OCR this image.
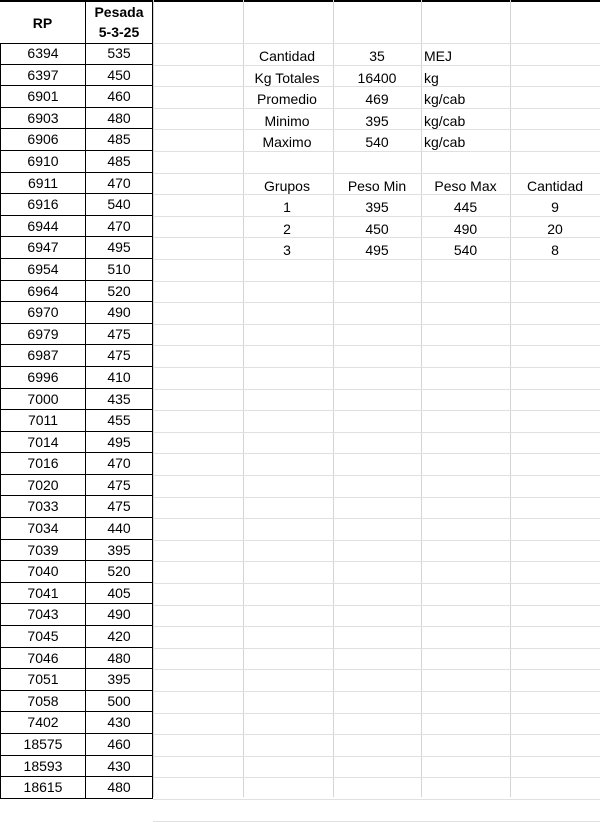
RP
Pesada
5-3-25
6394	535
6397	450
6901	460
6903	480
6906	485
6910	485
6911	470
6916	540
6944	470
6947	495
6954	510
6964	520
6970	490
6979	475
6987	475
6996	410
7000	435
7011	455
7014	495
7016	470
7020	475
7033	475
7034	440
7039	395
7040	520
7041	405
7043	490
7045	420
7046	480
7051	395
7058	500
7402	430
18575	460
18593	430
18615	480
Cantidad	35	MEJ
Kg Totales	16400	kg
Promedio	469	kg/cab
Minimo	395	kg/cab
Maximo	540	kg/cab
Grupos	Peso Min	Peso Max	Cantidad
1	395	445	9
2	450	490	20
3	495	540	8
